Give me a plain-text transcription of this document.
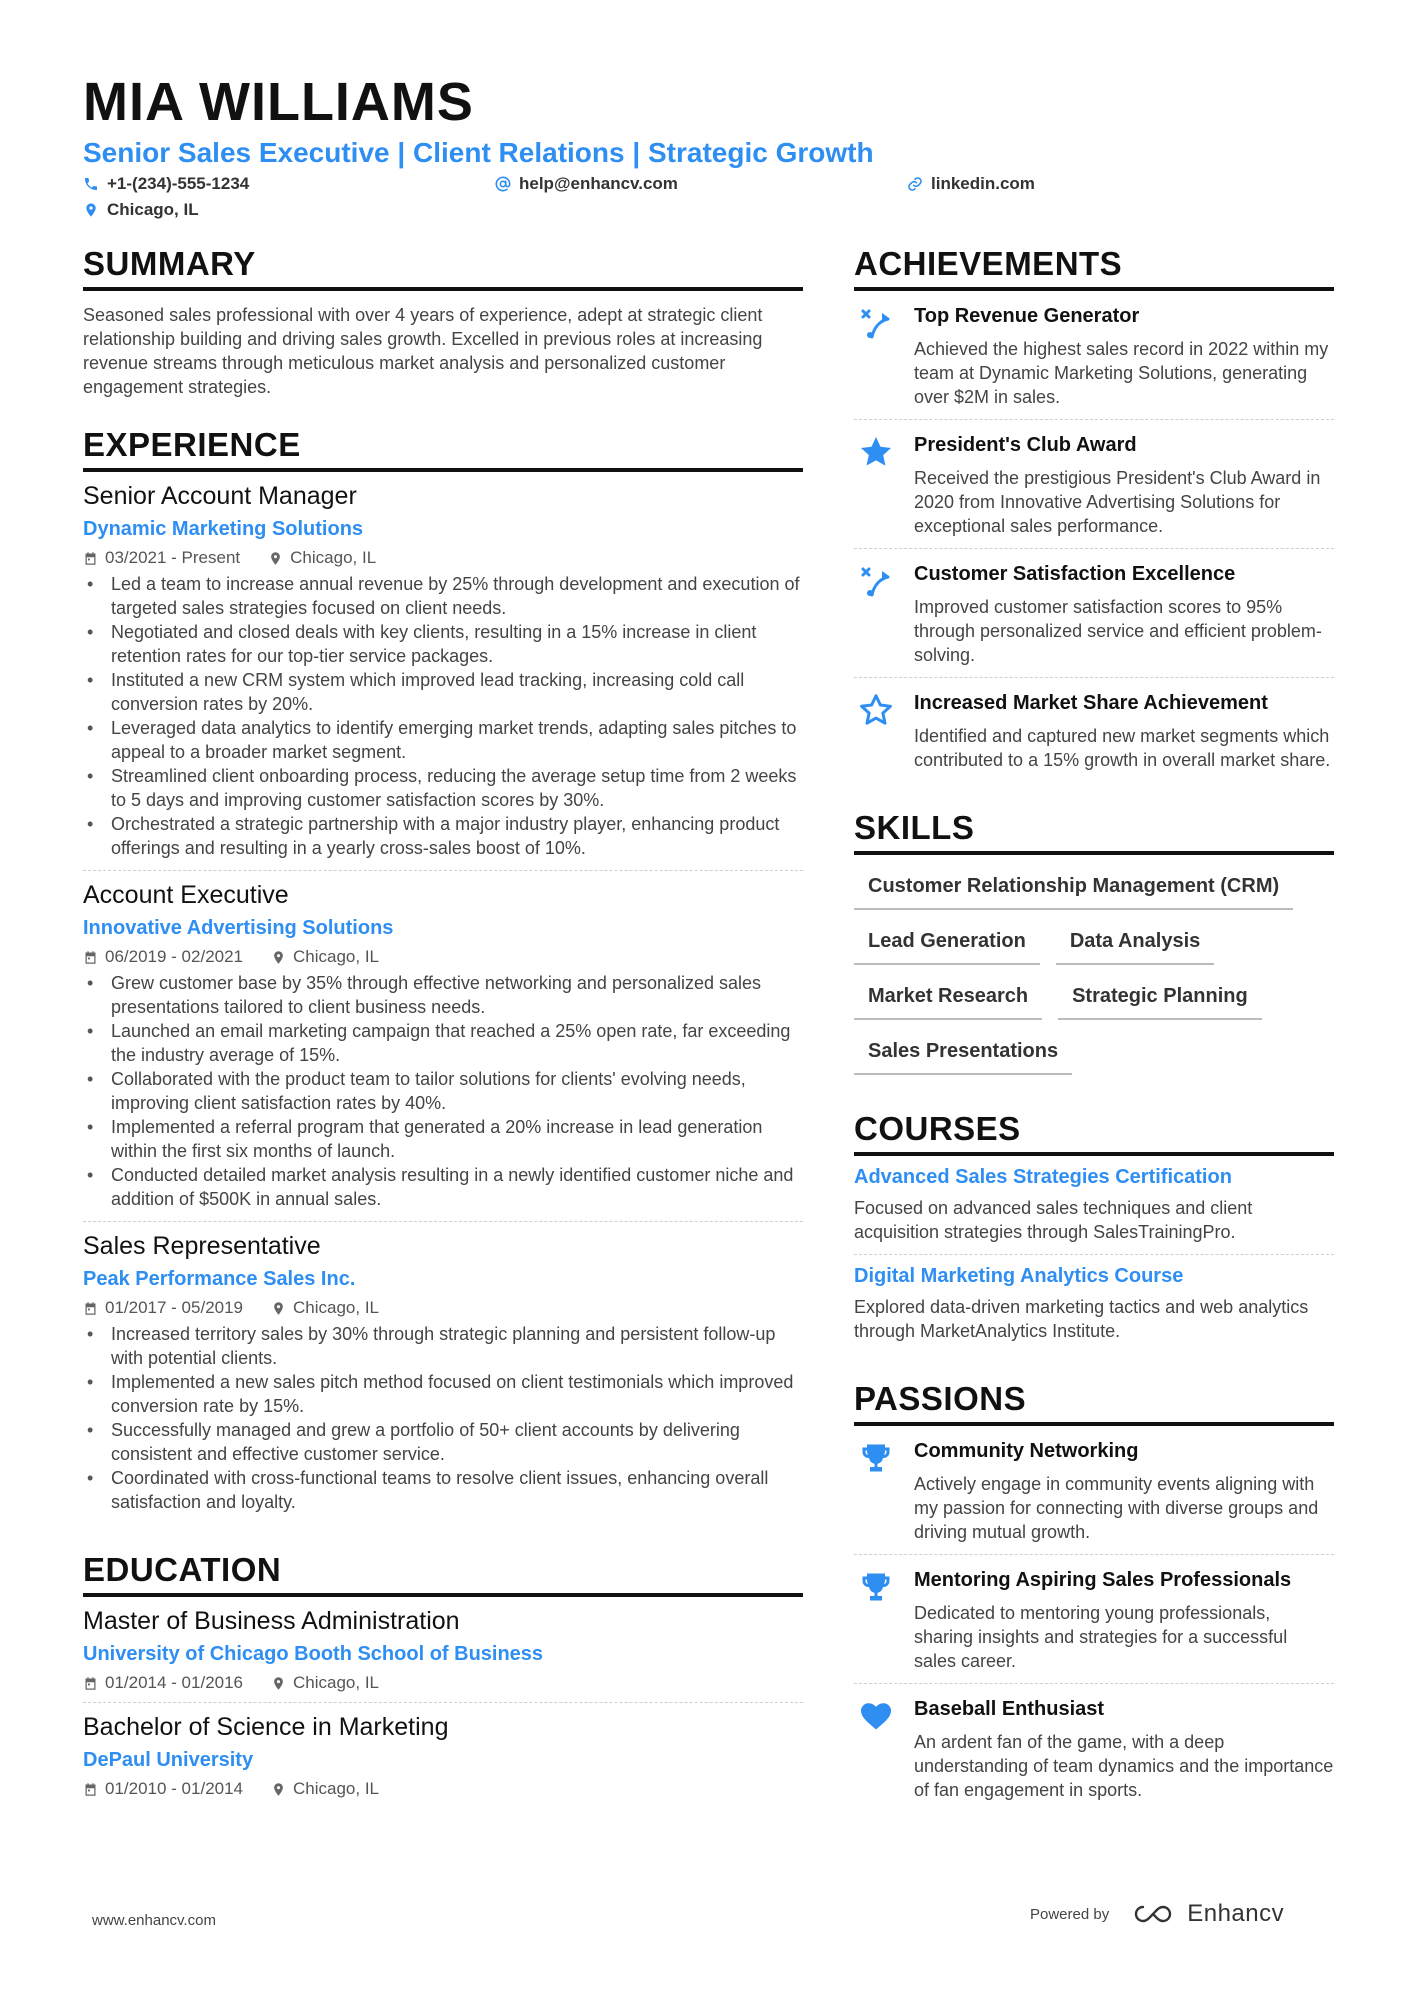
MIA WILLIAMS
Senior Sales Executive | Client Relations | Strategic Growth
+1-(234)-555-1234	help@enhancv.com	linkedin.com
Chicago, IL
SUMMARY
Seasoned sales professional with over 4 years of experience, adept at strategic client relationship building and driving sales growth. Excelled in previous roles at increasing revenue streams through meticulous market analysis and personalized customer engagement strategies.
EXPERIENCE
Senior Account Manager
Dynamic Marketing Solutions
03/2021 - Present	Chicago, IL
• Led a team to increase annual revenue by 25% through development and execution of targeted sales strategies focused on client needs.
• Negotiated and closed deals with key clients, resulting in a 15% increase in client retention rates for our top-tier service packages.
• Instituted a new CRM system which improved lead tracking, increasing cold call conversion rates by 20%.
• Leveraged data analytics to identify emerging market trends, adapting sales pitches to appeal to a broader market segment.
• Streamlined client onboarding process, reducing the average setup time from 2 weeks to 5 days and improving customer satisfaction scores by 30%.
• Orchestrated a strategic partnership with a major industry player, enhancing product offerings and resulting in a yearly cross-sales boost of 10%.
Account Executive
Innovative Advertising Solutions
06/2019 - 02/2021	Chicago, IL
• Grew customer base by 35% through effective networking and personalized sales presentations tailored to client business needs.
• Launched an email marketing campaign that reached a 25% open rate, far exceeding the industry average of 15%.
• Collaborated with the product team to tailor solutions for clients' evolving needs, improving client satisfaction rates by 40%.
• Implemented a referral program that generated a 20% increase in lead generation within the first six months of launch.
• Conducted detailed market analysis resulting in a newly identified customer niche and addition of $500K in annual sales.
Sales Representative
Peak Performance Sales Inc.
01/2017 - 05/2019	Chicago, IL
• Increased territory sales by 30% through strategic planning and persistent follow-up with potential clients.
• Implemented a new sales pitch method focused on client testimonials which improved conversion rate by 15%.
• Successfully managed and grew a portfolio of 50+ client accounts by delivering consistent and effective customer service.
• Coordinated with cross-functional teams to resolve client issues, enhancing overall satisfaction and loyalty.
EDUCATION
Master of Business Administration
University of Chicago Booth School of Business
01/2014 - 01/2016	Chicago, IL
Bachelor of Science in Marketing
DePaul University
01/2010 - 01/2014	Chicago, IL
ACHIEVEMENTS
Top Revenue Generator
Achieved the highest sales record in 2022 within my team at Dynamic Marketing Solutions, generating over $2M in sales.
President's Club Award
Received the prestigious President's Club Award in 2020 from Innovative Advertising Solutions for exceptional sales performance.
Customer Satisfaction Excellence
Improved customer satisfaction scores to 95% through personalized service and efficient problem-solving.
Increased Market Share Achievement
Identified and captured new market segments which contributed to a 15% growth in overall market share.
SKILLS
Customer Relationship Management (CRM)
Lead Generation	Data Analysis
Market Research	Strategic Planning
Sales Presentations
COURSES
Advanced Sales Strategies Certification
Focused on advanced sales techniques and client acquisition strategies through SalesTrainingPro.
Digital Marketing Analytics Course
Explored data-driven marketing tactics and web analytics through MarketAnalytics Institute.
PASSIONS
Community Networking
Actively engage in community events aligning with my passion for connecting with diverse groups and driving mutual growth.
Mentoring Aspiring Sales Professionals
Dedicated to mentoring young professionals, sharing insights and strategies for a successful sales career.
Baseball Enthusiast
An ardent fan of the game, with a deep understanding of team dynamics and the importance of fan engagement in sports.
www.enhancv.com	Powered by	Enhancv
